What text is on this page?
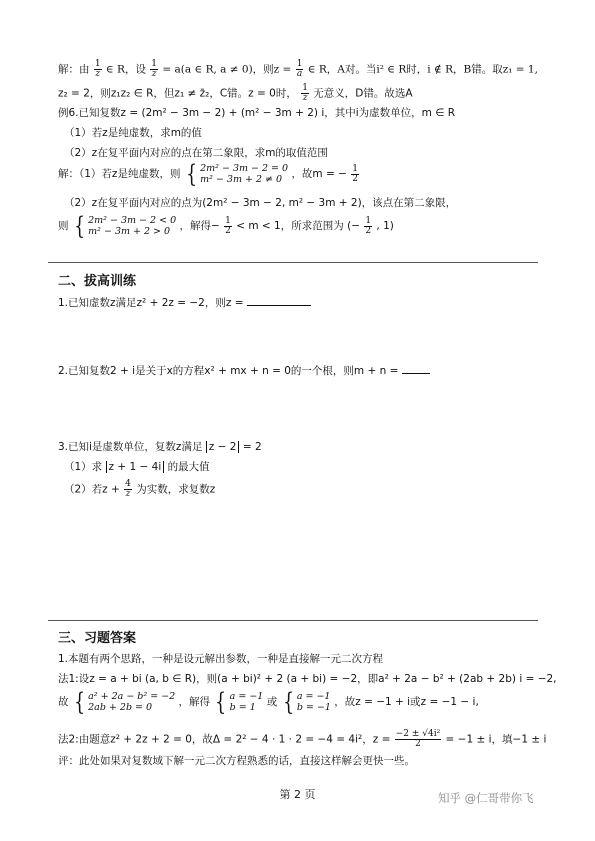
解：由 $\frac{1}{z}$ ∈ R，设 $\frac{1}{z} = a(a$ ∈ R, a ≠ 0)，则$z = \frac{1}{a}$ ∈ R，A对。当i² ∈ R时，i ∉ R，B错。取z₁ = 1,
z₂ = 2，则z₁z₂ ∈ R，但z₁ ≠ z̄₂，C错。z = 0时， $\frac{1}{z}$ 无意义，D错。故选A
例6.已知复数z = (2m² − 3m − 2) + (m² − 3m + 2) i，其中i为虚数单位，m ∈ R
（1）若z是纯虚数，求m的值
（2）z在复平面内对应的点在第二象限，求m的取值范围
解：（1）若z是纯虚数，则 { 2m² − 3m − 2 = 0
m² − 3m + 2 ≠ 0 ，故m = − $\frac{1}{2}$
（2）z在复平面内对应的点为(2m² − 3m − 2, m² − 3m + 2)，该点在第二象限，
则 { 2m² − 3m − 2 < 0
m² − 3m + 2 > 0 ，解得− $\frac{1}{2} < m < 1$，所求范围为 (− $\frac{1}{2}$ , 1)
二、拔高训练
1.已知虚数z满足z² + 2z = −2，则z =
2.已知复数2 + i是关于x的方程x² + mx + n = 0的一个根，则m + n =
3.已知i是虚数单位，复数z满足 z − 2 = 2
（1）求 z + 1 − 4i 的最大值
（2）若$z + \frac{4}{z}$ 为实数，求复数z
三、习题答案
1.本题有两个思路，一种是设元解出参数，一种是直接解一元二次方程
法1:设z = a + bi (a, b ∈ R)，则(a + bi)² + 2 (a + bi) = −2，即a² + 2a − b² + (2ab + 2b) i = −2,
故 { a² + 2a − b² = −2
2ab + 2b = 0	，解得 { a = −1
b = 1	或 { a = −1
b = −1 ，故z = −1 + i或z = −1 − i,
法2:由题意z² + 2z + 2 = 0，故Δ = 2² − 4 · 1 · 2 = −4 = 4i²，$z = \frac{\text{−2 ± √4i²}}{2} = -1 \pm i$，填−1 ± i
评：此处如果对复数域下解一元二次方程熟悉的话，直接这样解会更快一些。
第 2 页	知乎 @仁哥带你飞
